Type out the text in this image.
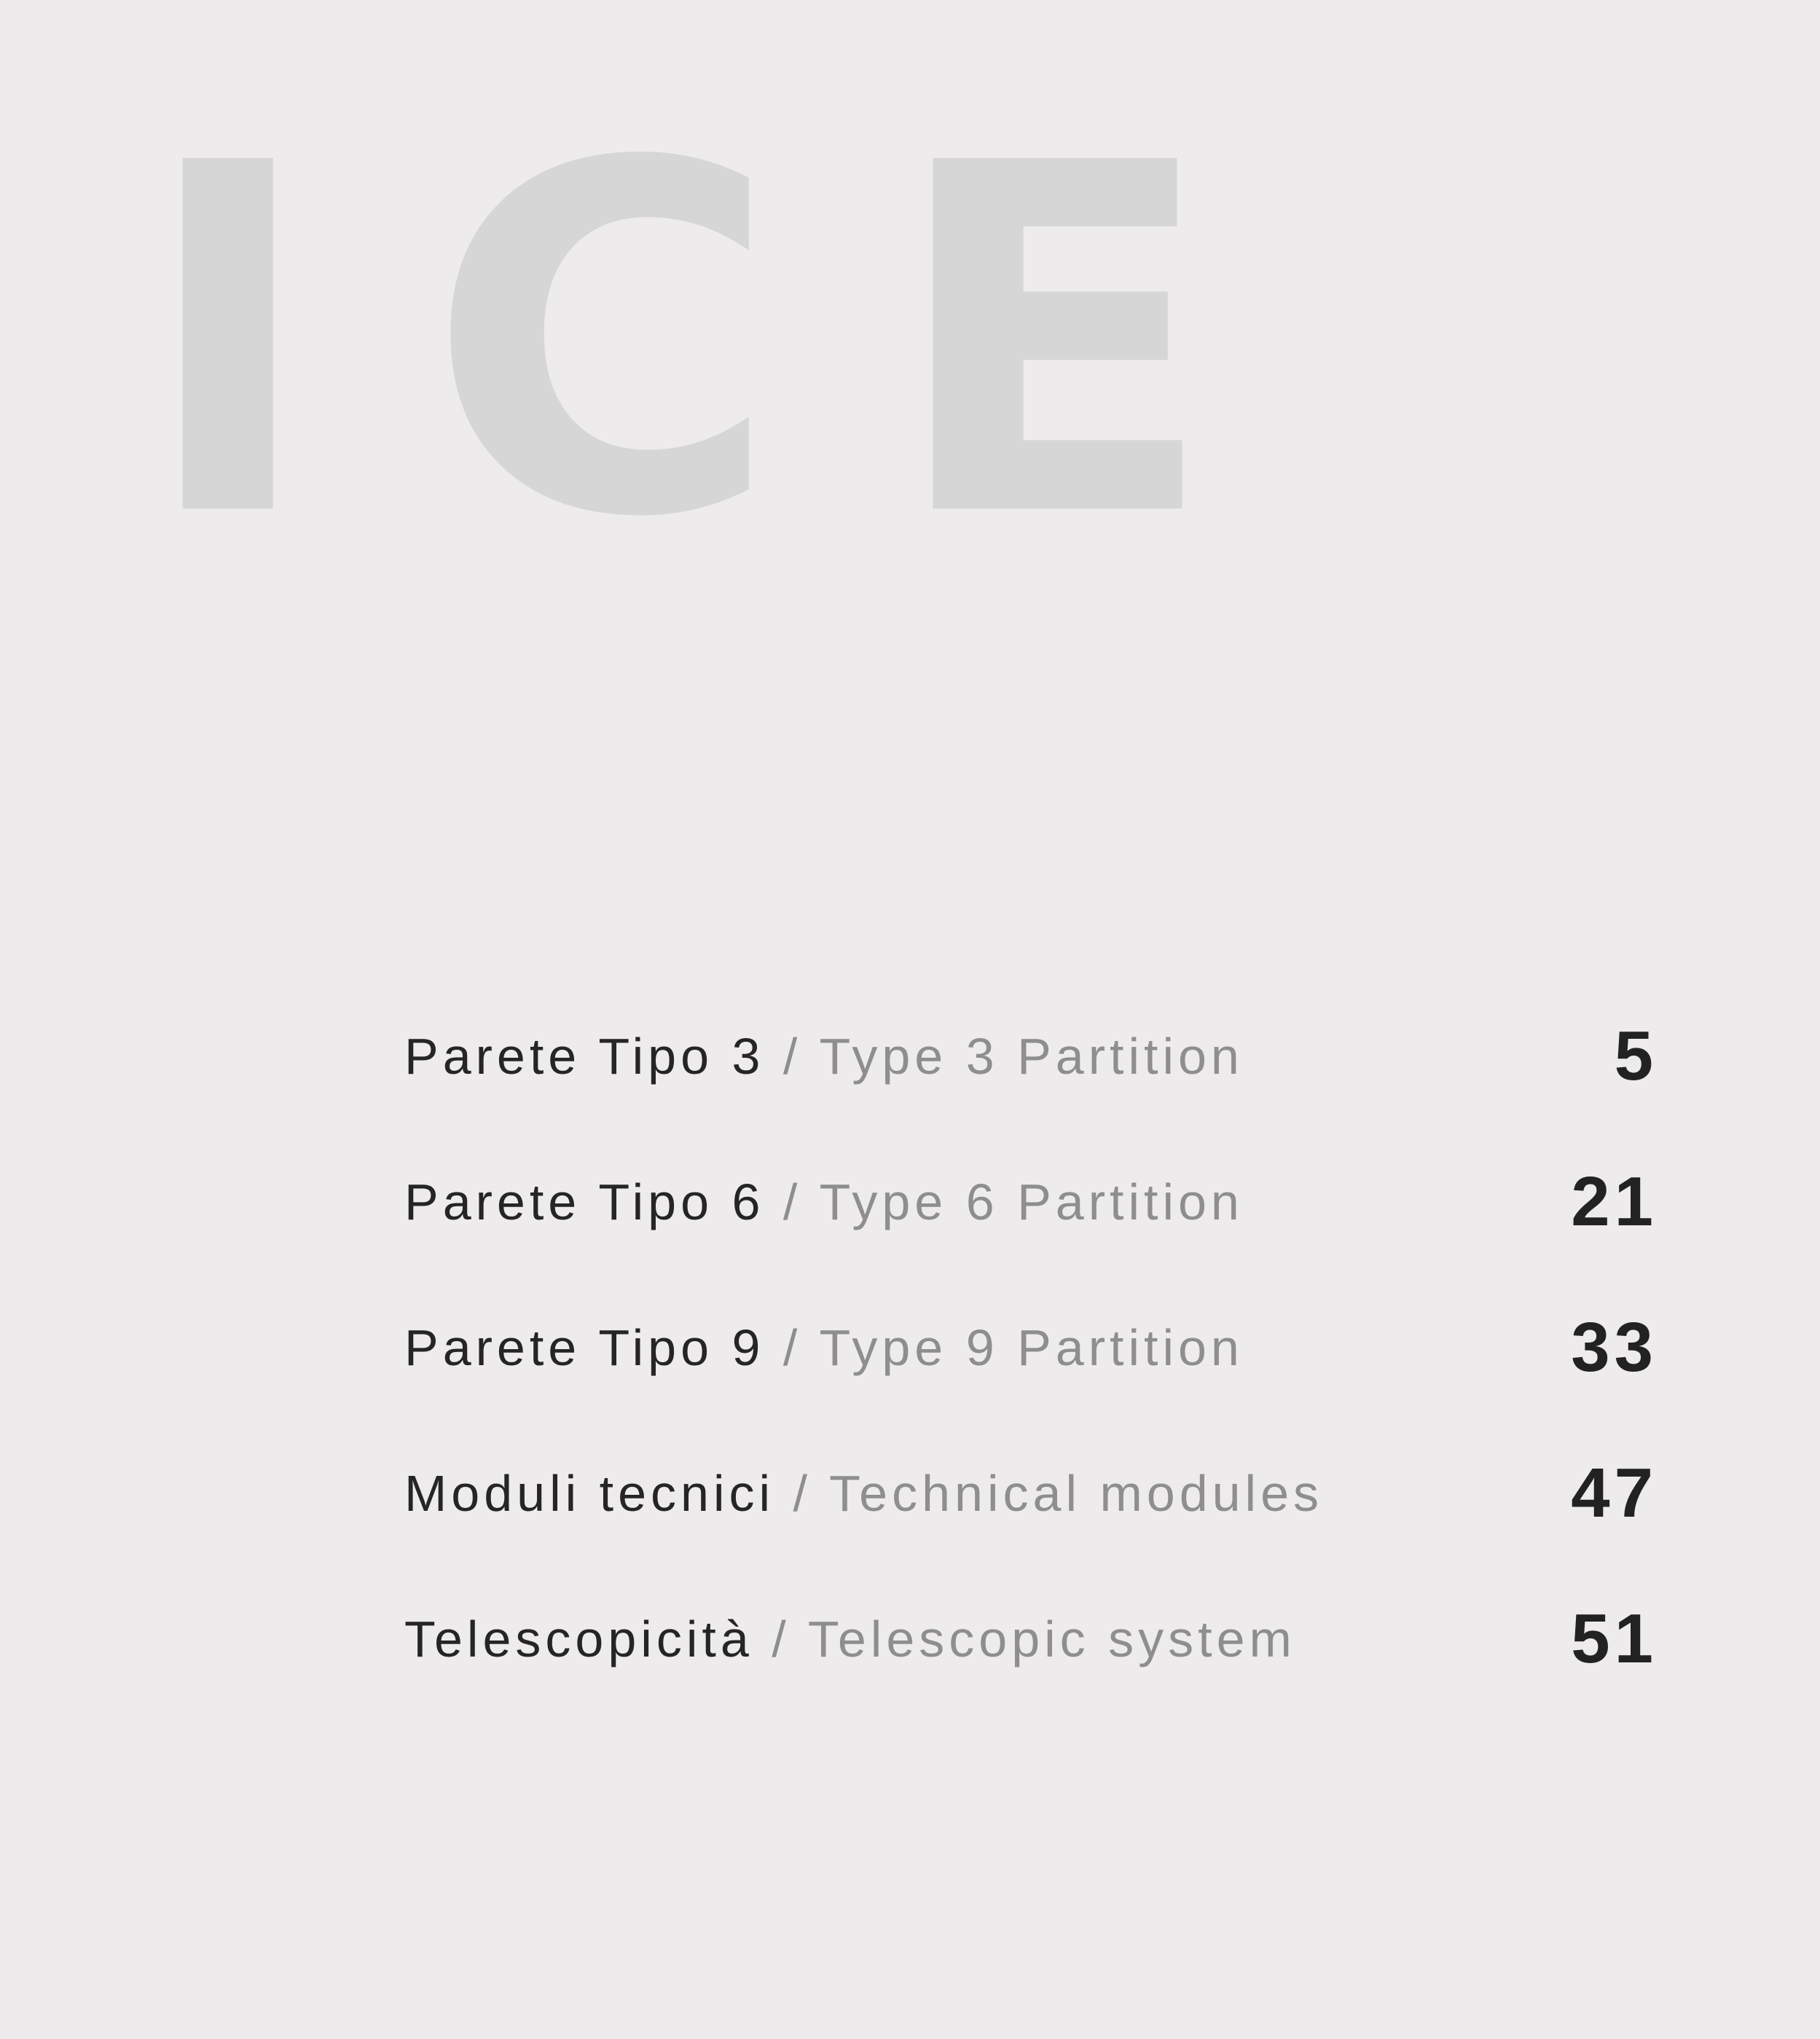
ICE
Parete Tipo 3 / Type 3 Partition	5
Parete Tipo 6 / Type 6 Partition	21
Parete Tipo 9 / Type 9 Partition	33
Moduli tecnici / Technical modules	47
Telescopicità / Telescopic system	51
